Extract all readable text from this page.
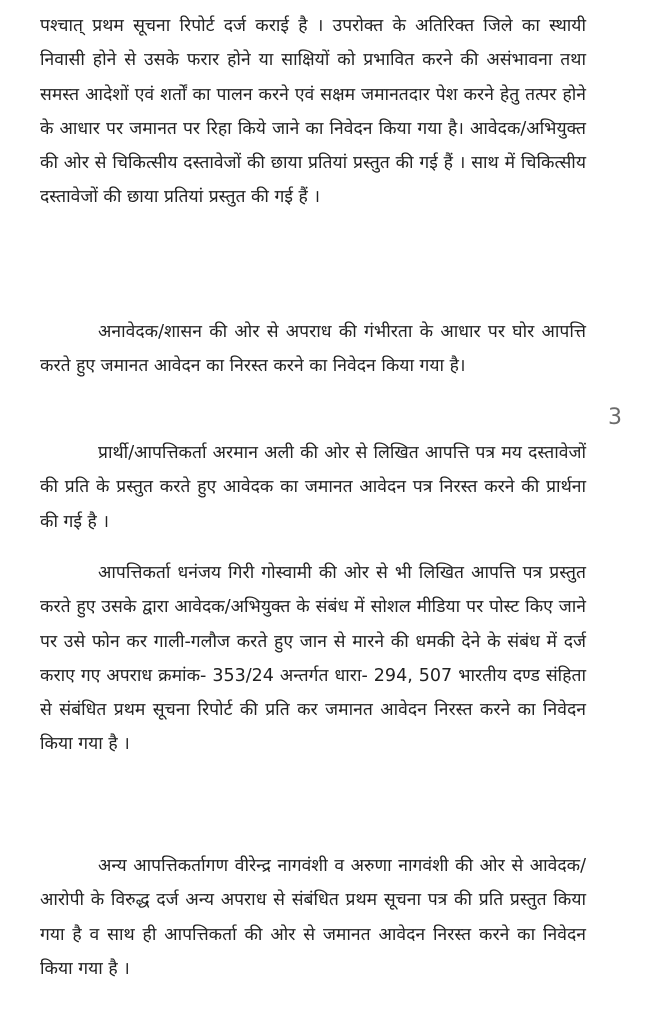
पश्चात् प्रथम सूचना रिपोर्ट दर्ज कराई है । उपरोक्त के अतिरिक्त जिले का स्थायी निवासी होने से उसके फरार होने या साक्षियों को प्रभावित करने की असंभावना तथा समस्त आदेशों एवं शर्तों का पालन करने एवं सक्षम जमानतदार पेश करने हेतु तत्पर होने के आधार पर जमानत पर रिहा किये जाने का निवेदन किया गया है। आवेदक/अभियुक्त की ओर से चिकित्सीय दस्तावेजों की छाया प्रतियां प्रस्तुत की गई हैं । साथ में चिकित्सीय दस्तावेजों की छाया प्रतियां प्रस्तुत की गई हैं ।

अनावेदक/शासन की ओर से अपराध की गंभीरता के आधार पर घोर आपत्ति करते हुए जमानत आवेदन का निरस्त करने का निवेदन किया गया है।

प्रार्थी/आपत्तिकर्ता अरमान अली की ओर से लिखित आपत्ति पत्र मय दस्तावेजों की प्रति के प्रस्तुत करते हुए आवेदक का जमानत आवेदन पत्र निरस्त करने की प्रार्थना की गई है ।

आपत्तिकर्ता धनंजय गिरी गोस्वामी की ओर से भी लिखित आपत्ति पत्र प्रस्तुत करते हुए उसके द्वारा आवेदक/अभियुक्त के संबंध में सोशल मीडिया पर पोस्ट किए जाने पर उसे फोन कर गाली-गलौज करते हुए जान से मारने की धमकी देने के संबंध में दर्ज कराए गए अपराध क्रमांक- 353/24 अन्तर्गत धारा- 294, 507 भारतीय दण्ड संहिता से संबंधित प्रथम सूचना रिपोर्ट की प्रति कर जमानत आवेदन निरस्त करने का निवेदन किया गया है ।

अन्य आपत्तिकर्तागण वीरेन्द्र नागवंशी व अरुणा नागवंशी की ओर से आवेदक/आरोपी के विरुद्ध दर्ज अन्य अपराध से संबंधित प्रथम सूचना पत्र की प्रति प्रस्तुत किया गया है व साथ ही आपत्तिकर्ता की ओर से जमानत आवेदन निरस्त करने का निवेदन किया गया है ।

3
